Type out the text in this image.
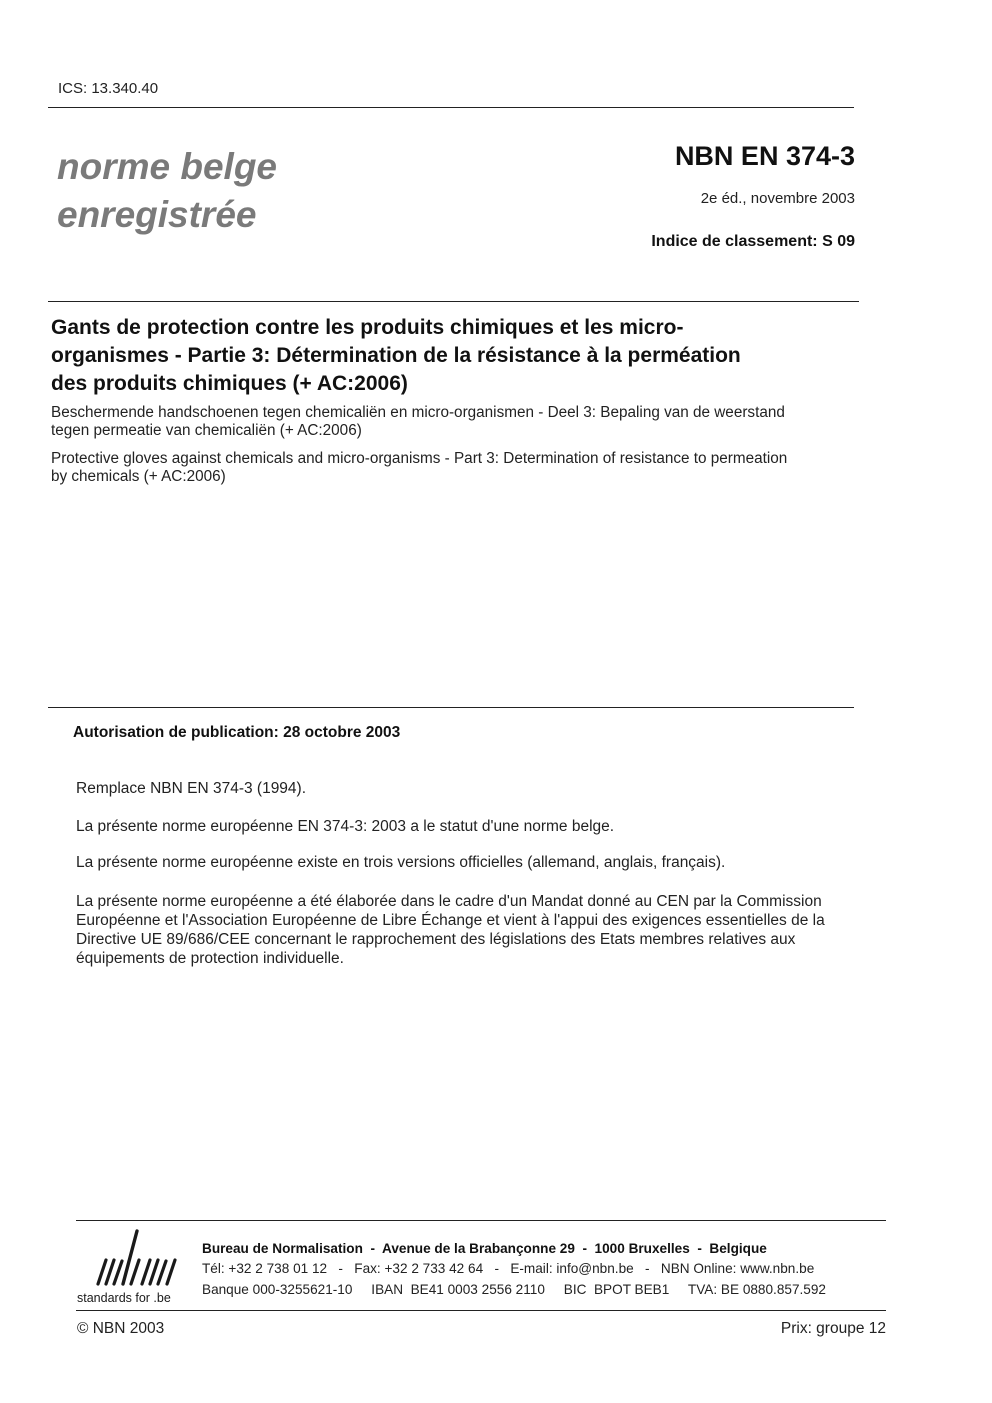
ICS: 13.340.40
norme belge
enregistrée
NBN EN 374-3
2e éd., novembre 2003
Indice de classement: S 09
Gants de protection contre les produits chimiques et les micro-
organismes - Partie 3: Détermination de la résistance à la perméation
des produits chimiques (+ AC:2006)
Beschermende handschoenen tegen chemicaliën en micro-organismen - Deel 3: Bepaling van de weerstand
tegen permeatie van chemicaliën (+ AC:2006)
Protective gloves against chemicals and micro-organisms - Part 3: Determination of resistance to permeation
by chemicals (+ AC:2006)
Autorisation de publication: 28 octobre 2003
Remplace NBN EN 374-3 (1994).
La présente norme européenne EN 374-3: 2003 a le statut d'une norme belge.
La présente norme européenne existe en trois versions officielles (allemand, anglais, français).
La présente norme européenne a été élaborée dans le cadre d'un Mandat donné au CEN par la Commission
Européenne et l'Association Européenne de Libre Échange et vient à l'appui des exigences essentielles de la
Directive UE 89/686/CEE concernant le rapprochement des législations des Etats membres relatives aux
équipements de protection individuelle.
standards for .be
Bureau de Normalisation  -  Avenue de la Brabançonne 29  -  1000 Bruxelles  -  Belgique
Tél: +32 2 738 01 12   -   Fax: +32 2 733 42 64   -   E-mail: info@nbn.be   -   NBN Online: www.nbn.be
Banque 000-3255621-10     IBAN  BE41 0003 2556 2110     BIC  BPOT BEB1     TVA: BE 0880.857.592
© NBN 2003	Prix: groupe 12
